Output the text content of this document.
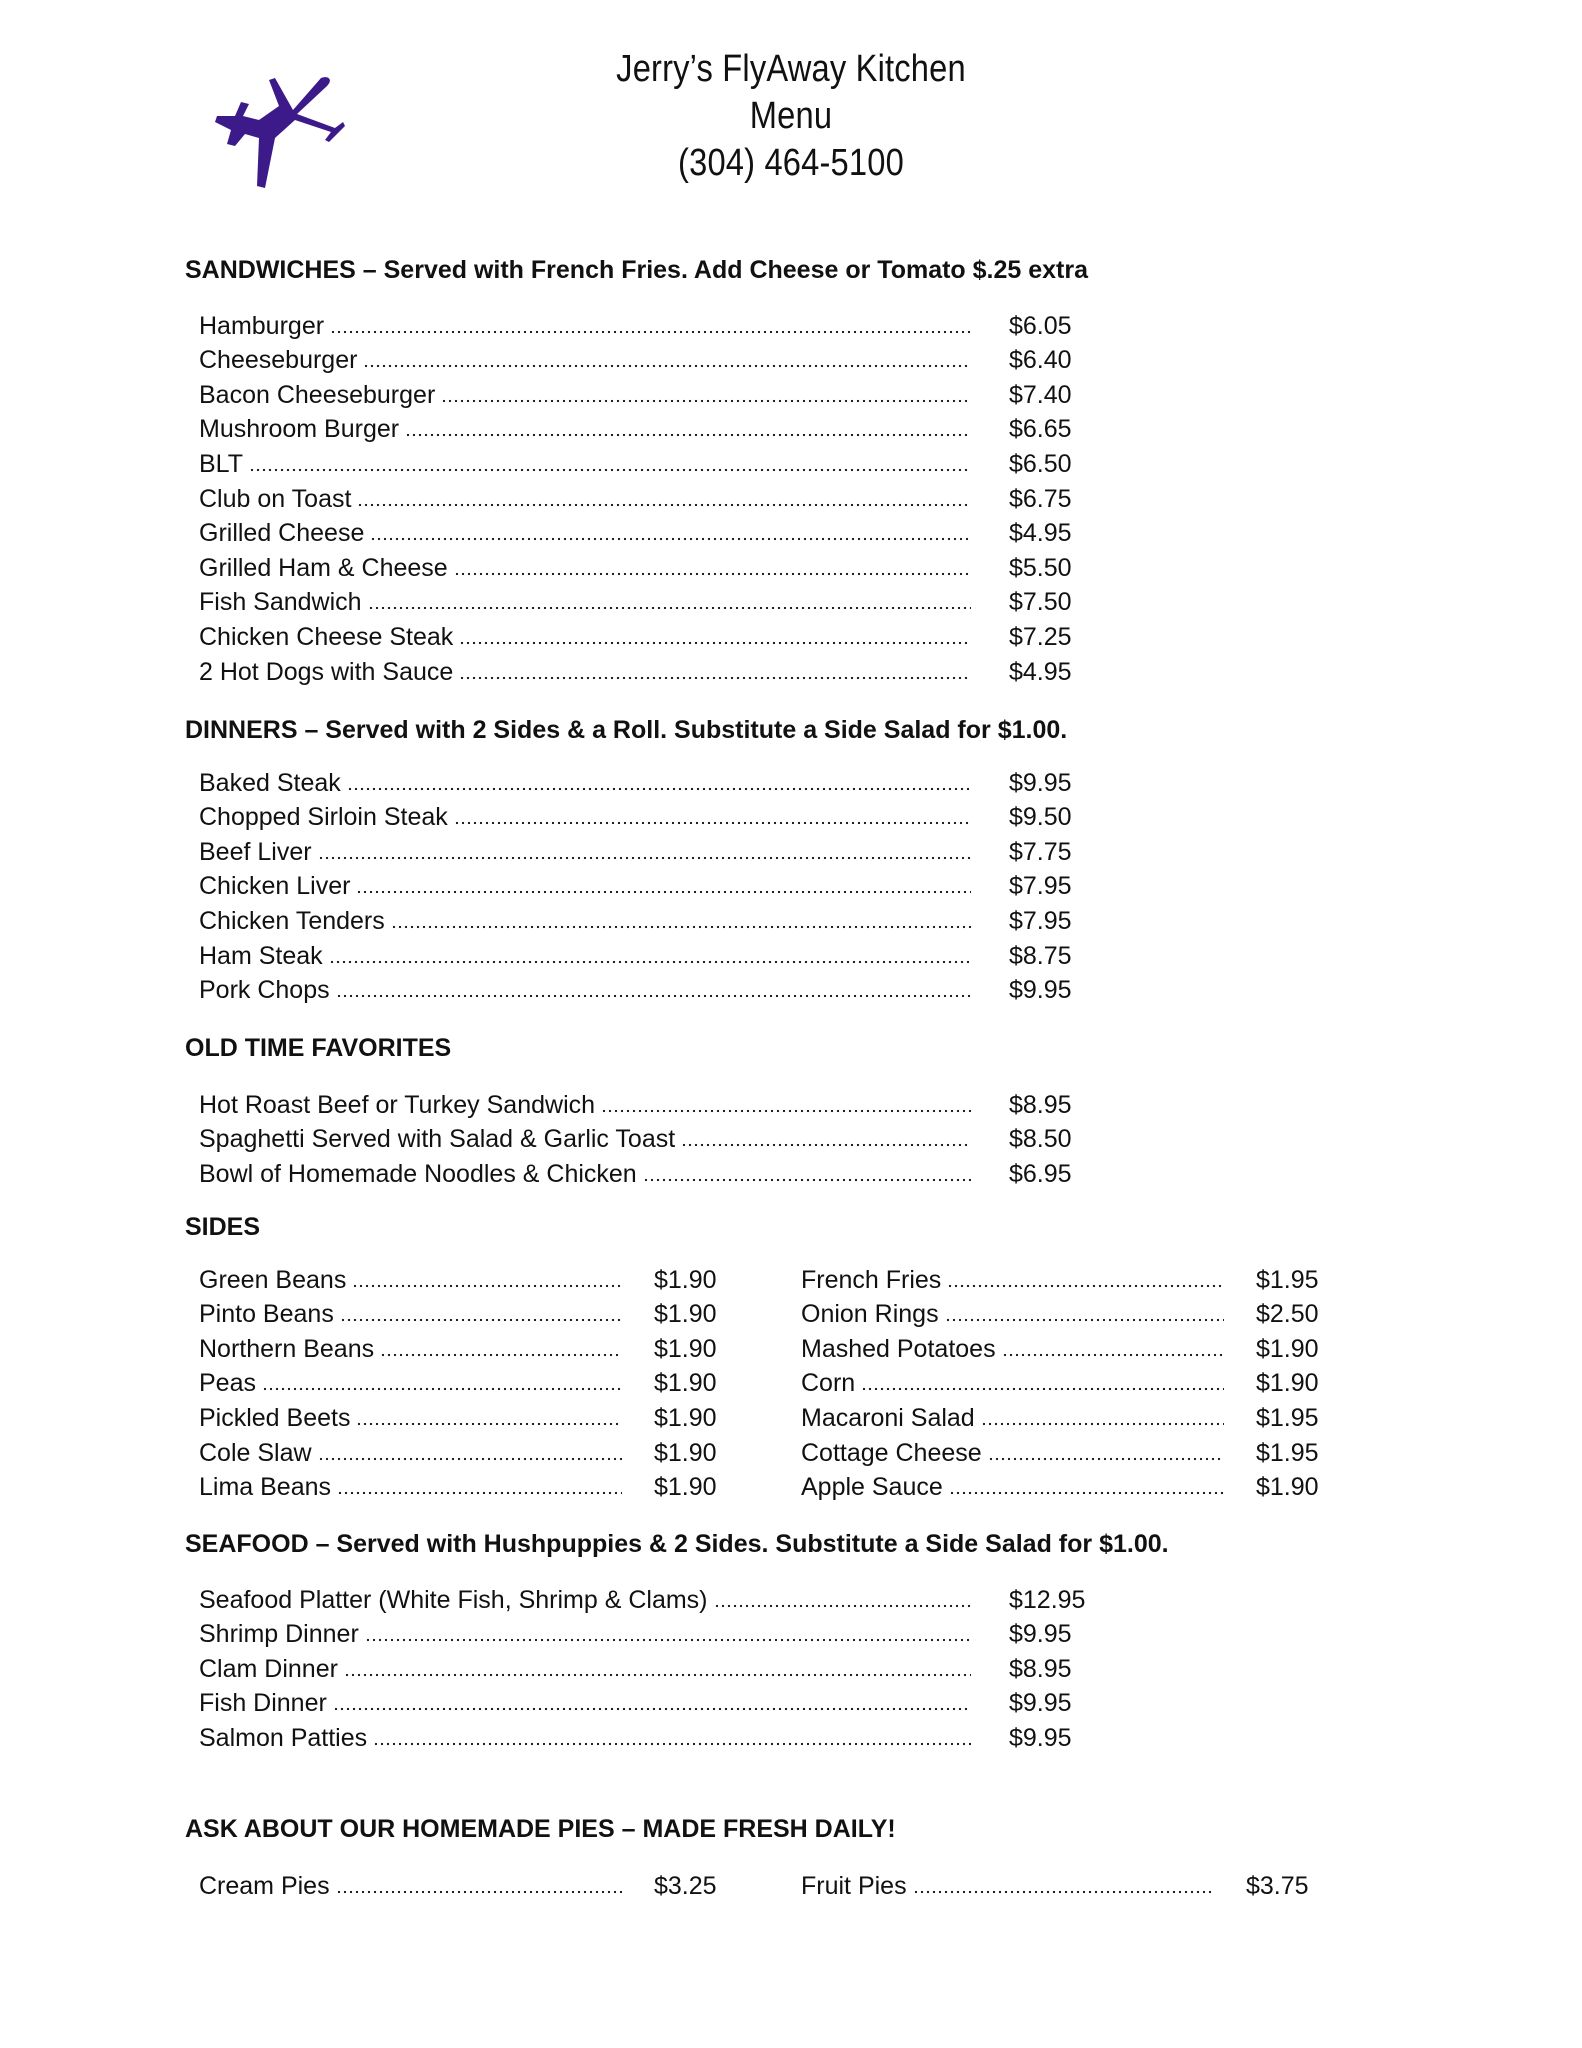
Jerry’s FlyAway Kitchen
Menu
(304) 464-5100
SANDWICHES – Served with French Fries. Add Cheese or Tomato $.25 extra
Hamburger	$6.05
Cheeseburger	$6.40
Bacon Cheeseburger	$7.40
Mushroom Burger	$6.65
BLT	$6.50
Club on Toast	$6.75
Grilled Cheese	$4.95
Grilled Ham & Cheese	$5.50
Fish Sandwich	$7.50
Chicken Cheese Steak	$7.25
2 Hot Dogs with Sauce	$4.95
DINNERS – Served with 2 Sides & a Roll. Substitute a Side Salad for $1.00.
Baked Steak	$9.95
Chopped Sirloin Steak	$9.50
Beef Liver	$7.75
Chicken Liver	$7.95
Chicken Tenders	$7.95
Ham Steak	$8.75
Pork Chops	$9.95
OLD TIME FAVORITES
Hot Roast Beef or Turkey Sandwich	$8.95
Spaghetti Served with Salad & Garlic Toast	$8.50
Bowl of Homemade Noodles & Chicken	$6.95
SIDES
Green Beans	$1.90
Pinto Beans	$1.90
Northern Beans	$1.90
Peas	$1.90
Pickled Beets	$1.90
Cole Slaw	$1.90
Lima Beans	$1.90
French Fries	$1.95
Onion Rings	$2.50
Mashed Potatoes	$1.90
Corn	$1.90
Macaroni Salad	$1.95
Cottage Cheese	$1.95
Apple Sauce	$1.90
SEAFOOD – Served with Hushpuppies & 2 Sides. Substitute a Side Salad for $1.00.
Seafood Platter (White Fish, Shrimp & Clams)	$12.95
Shrimp Dinner	$9.95
Clam Dinner	$8.95
Fish Dinner	$9.95
Salmon Patties	$9.95
ASK ABOUT OUR HOMEMADE PIES – MADE FRESH DAILY!
Cream Pies	$3.25	Fruit Pies	$3.75
